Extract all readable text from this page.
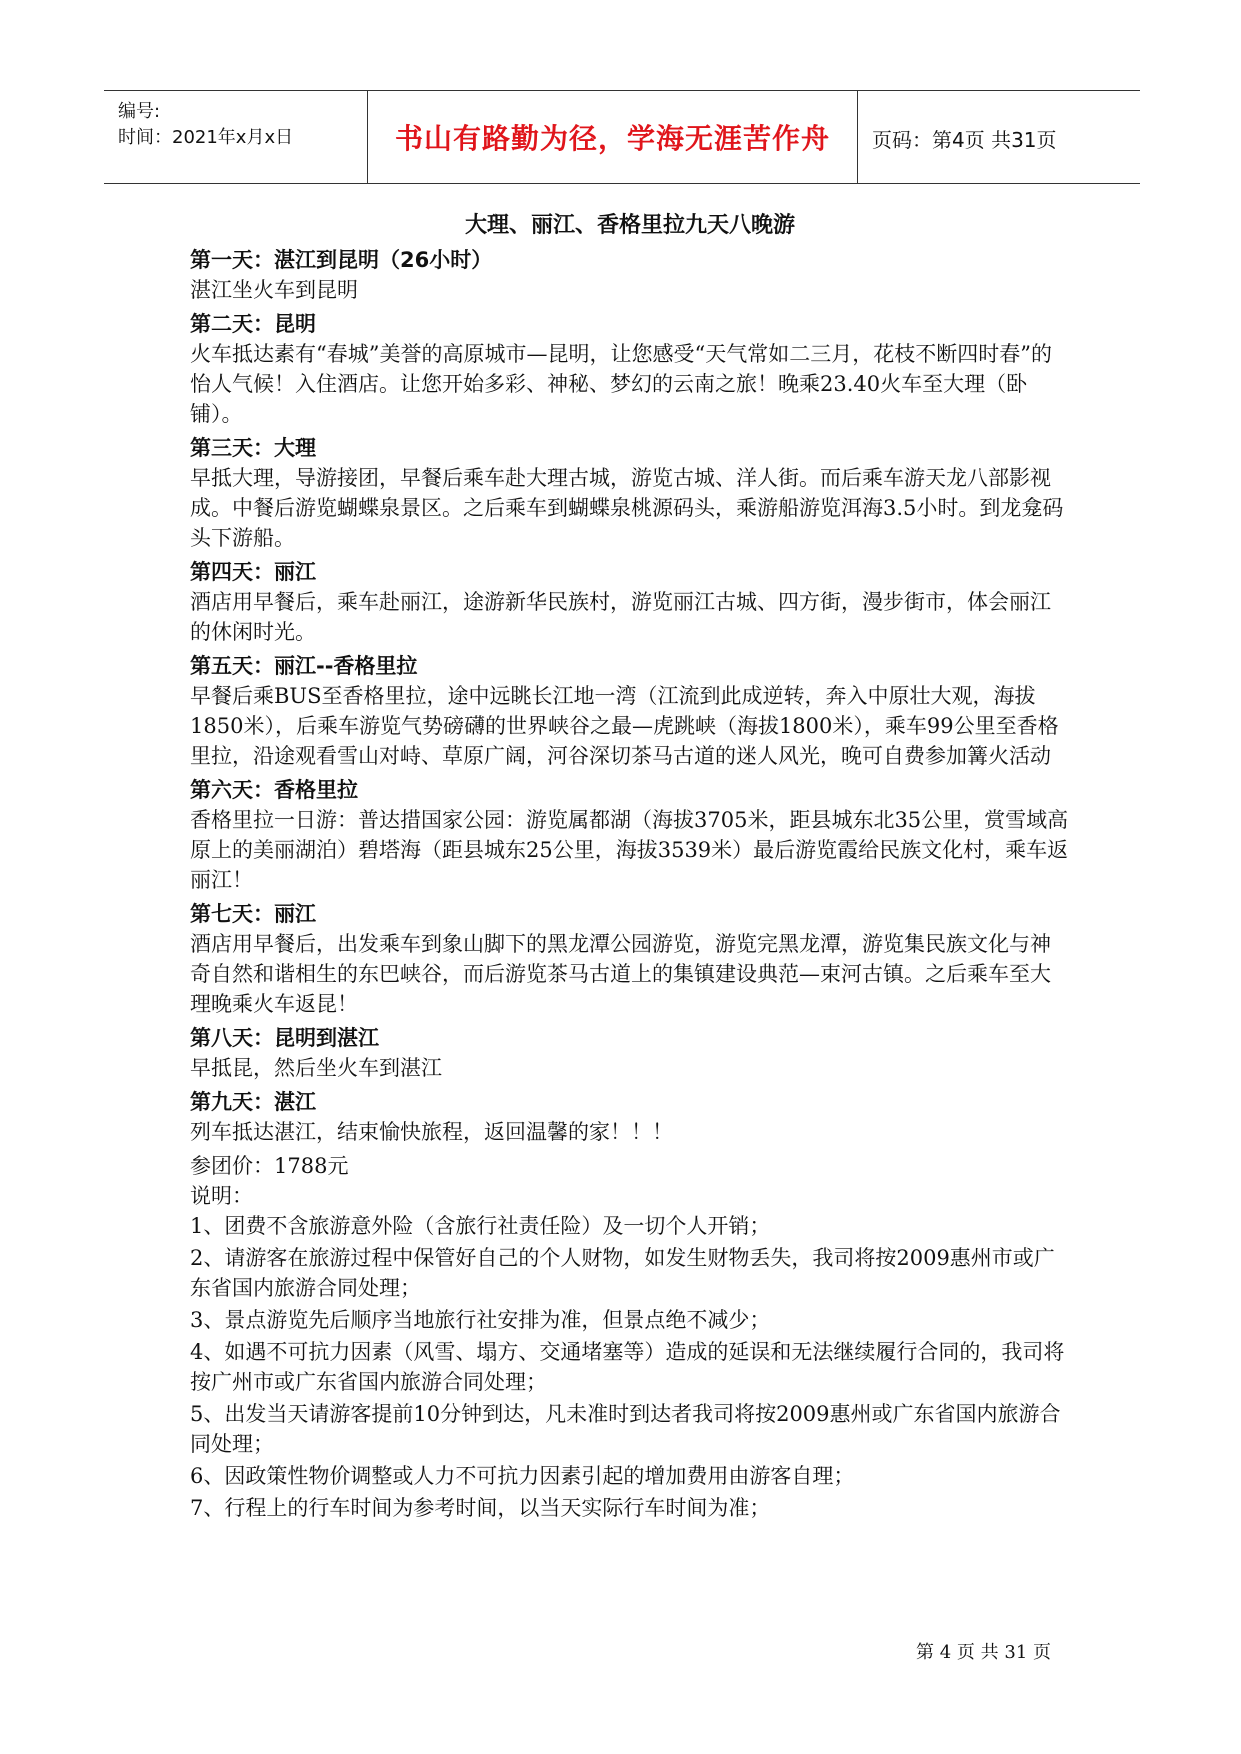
编号:
时间：2021年x月x日	书山有路勤为径，学海无涯苦作舟	页码：第4页 共31页
大理、丽江、香格里拉九天八晚游
第一天：湛江到昆明（26小时）
湛江坐火车到昆明
第二天：昆明
火车抵达素有“春城”美誉的高原城市—昆明，让您感受“天气常如二三月，花枝不断四时春”的怡人气候！入住酒店。让您开始多彩、神秘、梦幻的云南之旅！晚乘23.40火车至大理（卧铺）。
第三天：大理
早抵大理，导游接团，早餐后乘车赴大理古城，游览古城、洋人街。而后乘车游天龙八部影视成。中餐后游览蝴蝶泉景区。之后乘车到蝴蝶泉桃源码头，乘游船游览洱海3.5小时。到龙龛码头下游船。
第四天：丽江
酒店用早餐后，乘车赴丽江，途游新华民族村，游览丽江古城、四方街，漫步街市，体会丽江的休闲时光。
第五天：丽江--香格里拉
早餐后乘BUS至香格里拉，途中远眺长江地一湾（江流到此成逆转，奔入中原壮大观，海拔1850米），后乘车游览气势磅礴的世界峡谷之最—虎跳峡（海拔1800米），乘车99公里至香格里拉，沿途观看雪山对峙、草原广阔，河谷深切茶马古道的迷人风光，晚可自费参加篝火活动
第六天：香格里拉
香格里拉一日游：普达措国家公园：游览属都湖（海拔3705米，距县城东北35公里，赏雪域高原上的美丽湖泊）碧塔海（距县城东25公里，海拔3539米）最后游览霞给民族文化村，乘车返丽江！
第七天：丽江
酒店用早餐后，出发乘车到象山脚下的黑龙潭公园游览，游览完黑龙潭，游览集民族文化与神奇自然和谐相生的东巴峡谷，而后游览茶马古道上的集镇建设典范—束河古镇。之后乘车至大理晚乘火车返昆！
第八天：昆明到湛江
早抵昆，然后坐火车到湛江
第九天：湛江
列车抵达湛江，结束愉快旅程，返回温馨的家！！！
参团价：1788元
说明：
1、团费不含旅游意外险（含旅行社责任险）及一切个人开销；
2、请游客在旅游过程中保管好自己的个人财物，如发生财物丢失，我司将按2009惠州市或广东省国内旅游合同处理；
3、景点游览先后顺序当地旅行社安排为准，但景点绝不减少；
4、如遇不可抗力因素（风雪、塌方、交通堵塞等）造成的延误和无法继续履行合同的，我司将按广州市或广东省国内旅游合同处理；
5、出发当天请游客提前10分钟到达，凡未准时到达者我司将按2009惠州或广东省国内旅游合同处理；
6、因政策性物价调整或人力不可抗力因素引起的增加费用由游客自理；
7、行程上的行车时间为参考时间，以当天实际行车时间为准；
第 4 页 共 31 页
